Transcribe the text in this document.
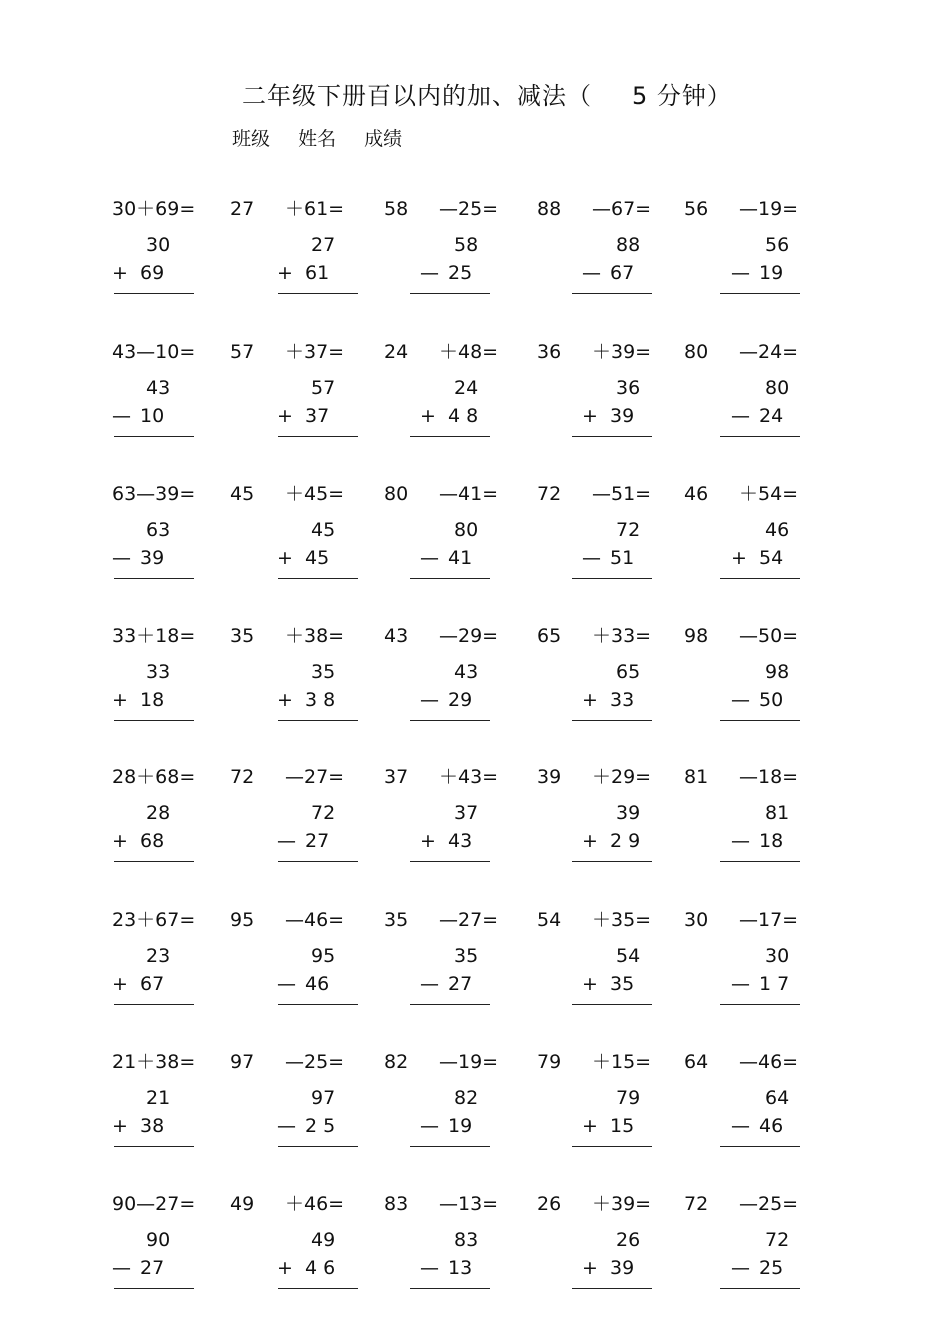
二年级下册百以内的加、减法（ 5 分钟）
班级 姓名 成绩
30＋69=
30
+ 69
27 ＋61=
27
+ 61
58 —25=
58
— 25
88 —67=
88
— 67
56 —19=
56
— 19
43—10=
43
— 10
57 ＋37=
57
+ 37
24 ＋48=
24
+ 4 8
36 ＋39=
36
+ 39
80 —24=
80
— 24
63—39=
63
— 39
45 ＋45=
45
+ 45
80 —41=
80
— 41
72 —51=
72
— 51
46 ＋54=
46
+ 54
33＋18=
33
+ 18
35 ＋38=
35
+ 3 8
43 —29=
43
— 29
65 ＋33=
65
+ 33
98 —50=
98
— 50
28＋68=
28
+ 68
72 —27=
72
— 27
37 ＋43=
37
+ 43
39 ＋29=
39
+ 2 9
81 —18=
81
— 18
23＋67=
23
+ 67
95 —46=
95
— 46
35 —27=
35
— 27
54 ＋35=
54
+ 35
30 —17=
30
— 1 7
21＋38=
21
+ 38
97 —25=
97
— 2 5
82 —19=
82
— 19
79 ＋15=
79
+ 15
64 —46=
64
— 46
90—27=
90
— 27
49 ＋46=
49
+ 4 6
83 —13=
83
— 13
26 ＋39=
26
+ 39
72 —25=
72
— 25
